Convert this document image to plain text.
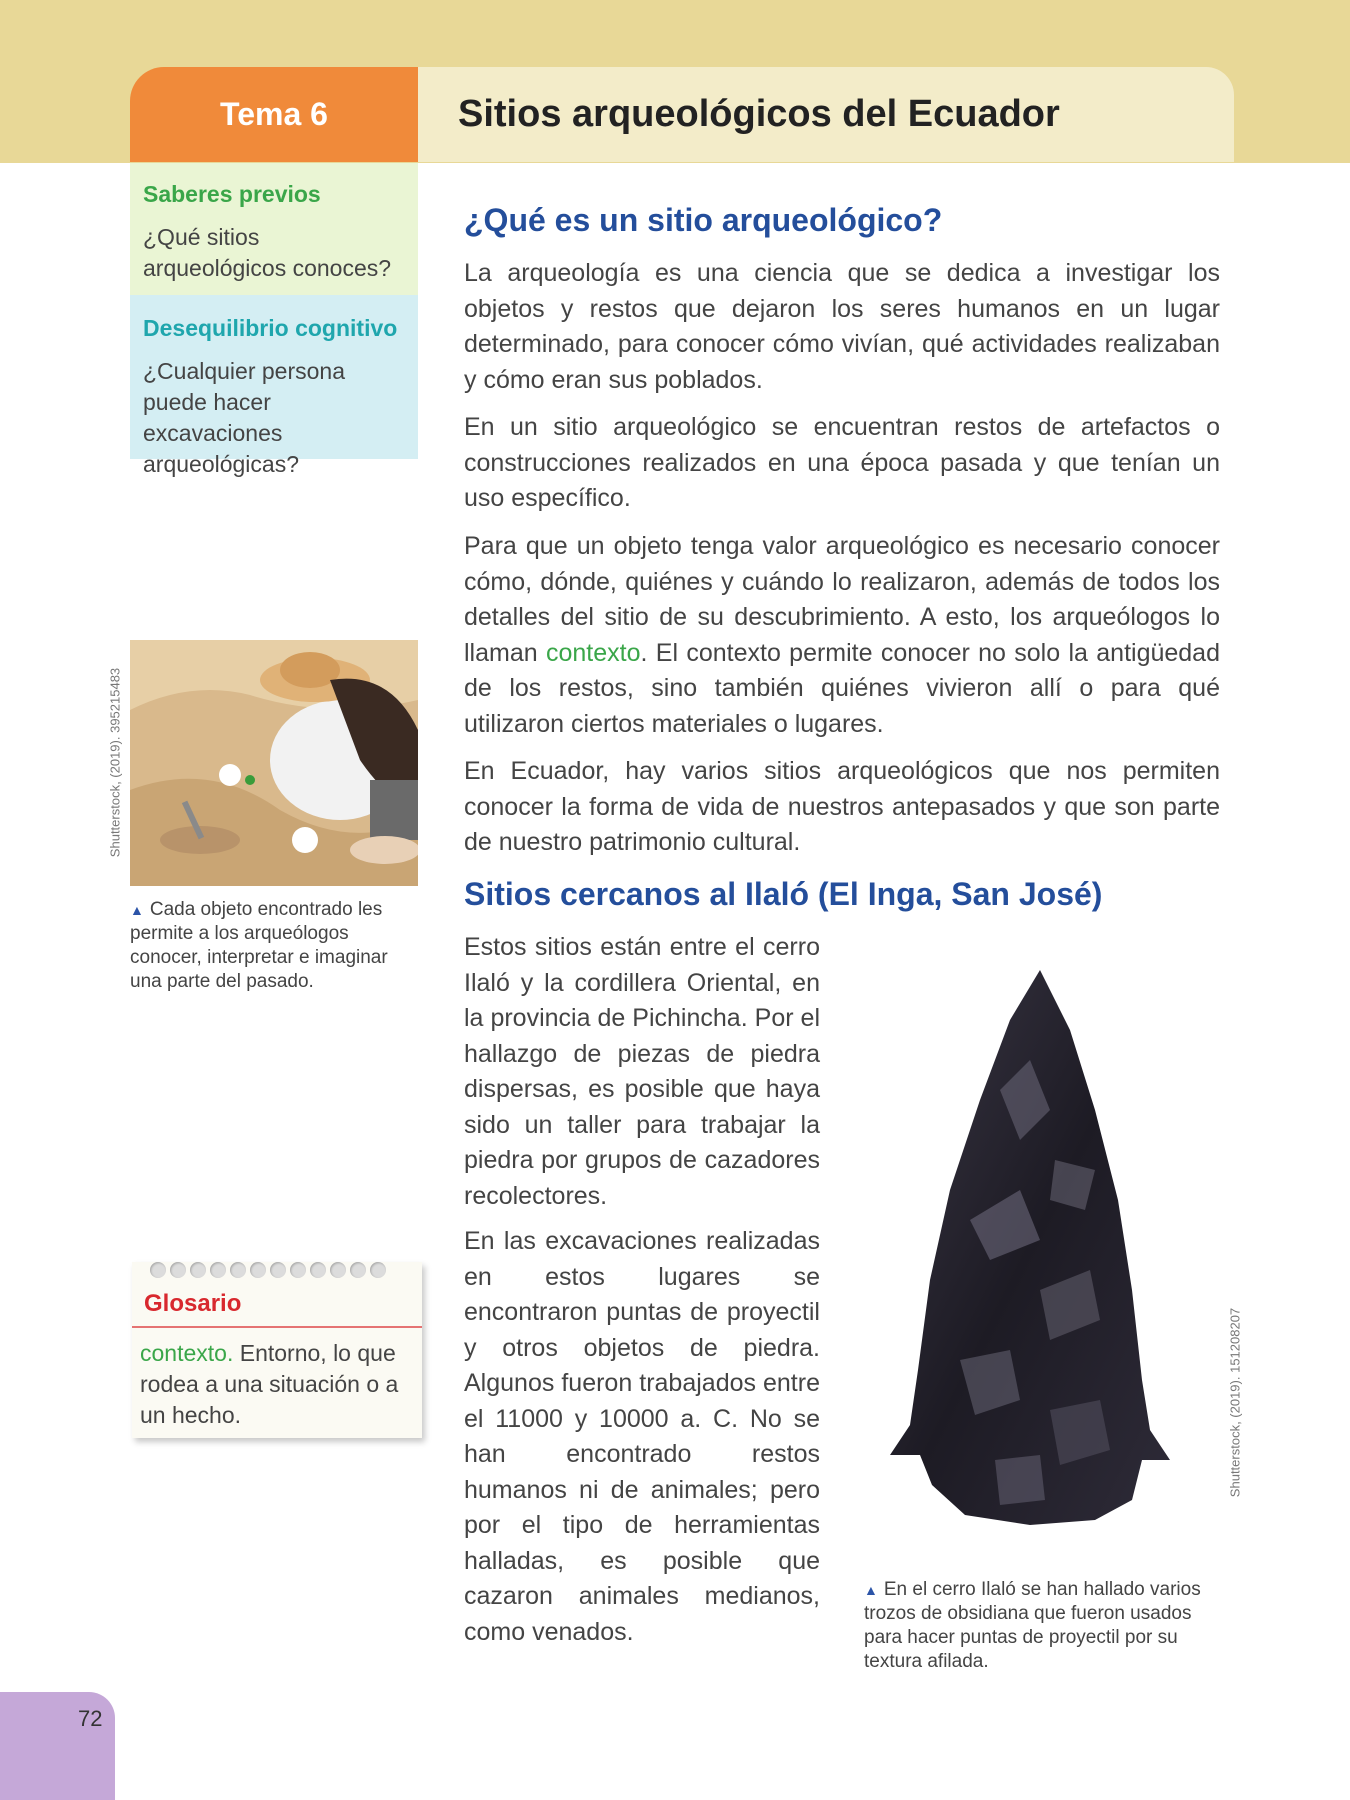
Tema 6	Sitios arqueológicos del Ecuador

Saberes previos

¿Qué sitios arqueológicos conoces?

Desequilibrio cognitivo

¿Cualquier persona puede hacer excavaciones arqueológicas?

Shutterstock, (2019). 395215483
▲ Cada objeto encontrado les permite a los arqueólogos conocer, interpretar e imaginar una parte del pasado.
Glosario
contexto. Entorno, lo que rodea a una situación o a un hecho.
¿Qué es un sitio arqueológico?

La arqueología es una ciencia que se dedica a investigar los objetos y restos que dejaron los seres humanos en un lugar determinado, para conocer cómo vivían, qué actividades realizaban y cómo eran sus poblados.

En un sitio arqueológico se encuentran restos de artefactos o construcciones realizados en una época pasada y que tenían un uso específico.

Para que un objeto tenga valor arqueológico es necesario conocer cómo, dónde, quiénes y cuándo lo realizaron, además de todos los detalles del sitio de su descubrimiento. A esto, los arqueólogos lo llaman contexto. El contexto permite conocer no solo la antigüedad de los restos, sino también quiénes vivieron allí o para qué utilizaron ciertos materiales o lugares.

En Ecuador, hay varios sitios arqueológicos que nos permiten conocer la forma de vida de nuestros antepasados y que son parte de nuestro patrimonio cultural.

Sitios cercanos al Ilaló (El Inga, San José)

Estos sitios están entre el cerro Ilaló y la cordillera Oriental, en la provincia de Pichincha. Por el hallazgo de piezas de piedra dispersas, es posible que haya sido un taller para trabajar la piedra por grupos de cazadores recolectores.

En las excavaciones realizadas en estos lugares se encontraron puntas de proyectil y otros objetos de piedra. Algunos fueron trabajados entre el 11000 y 10000 a. C. No se han encontrado restos humanos ni de animales; pero por el tipo de herramientas halladas, es posible que cazaron animales medianos, como venados.

Shutterstock, (2019). 151208207
▲ En el cerro Ilaló se han hallado varios trozos de obsidiana que fueron usados para hacer puntas de proyectil por su textura afilada.
72
